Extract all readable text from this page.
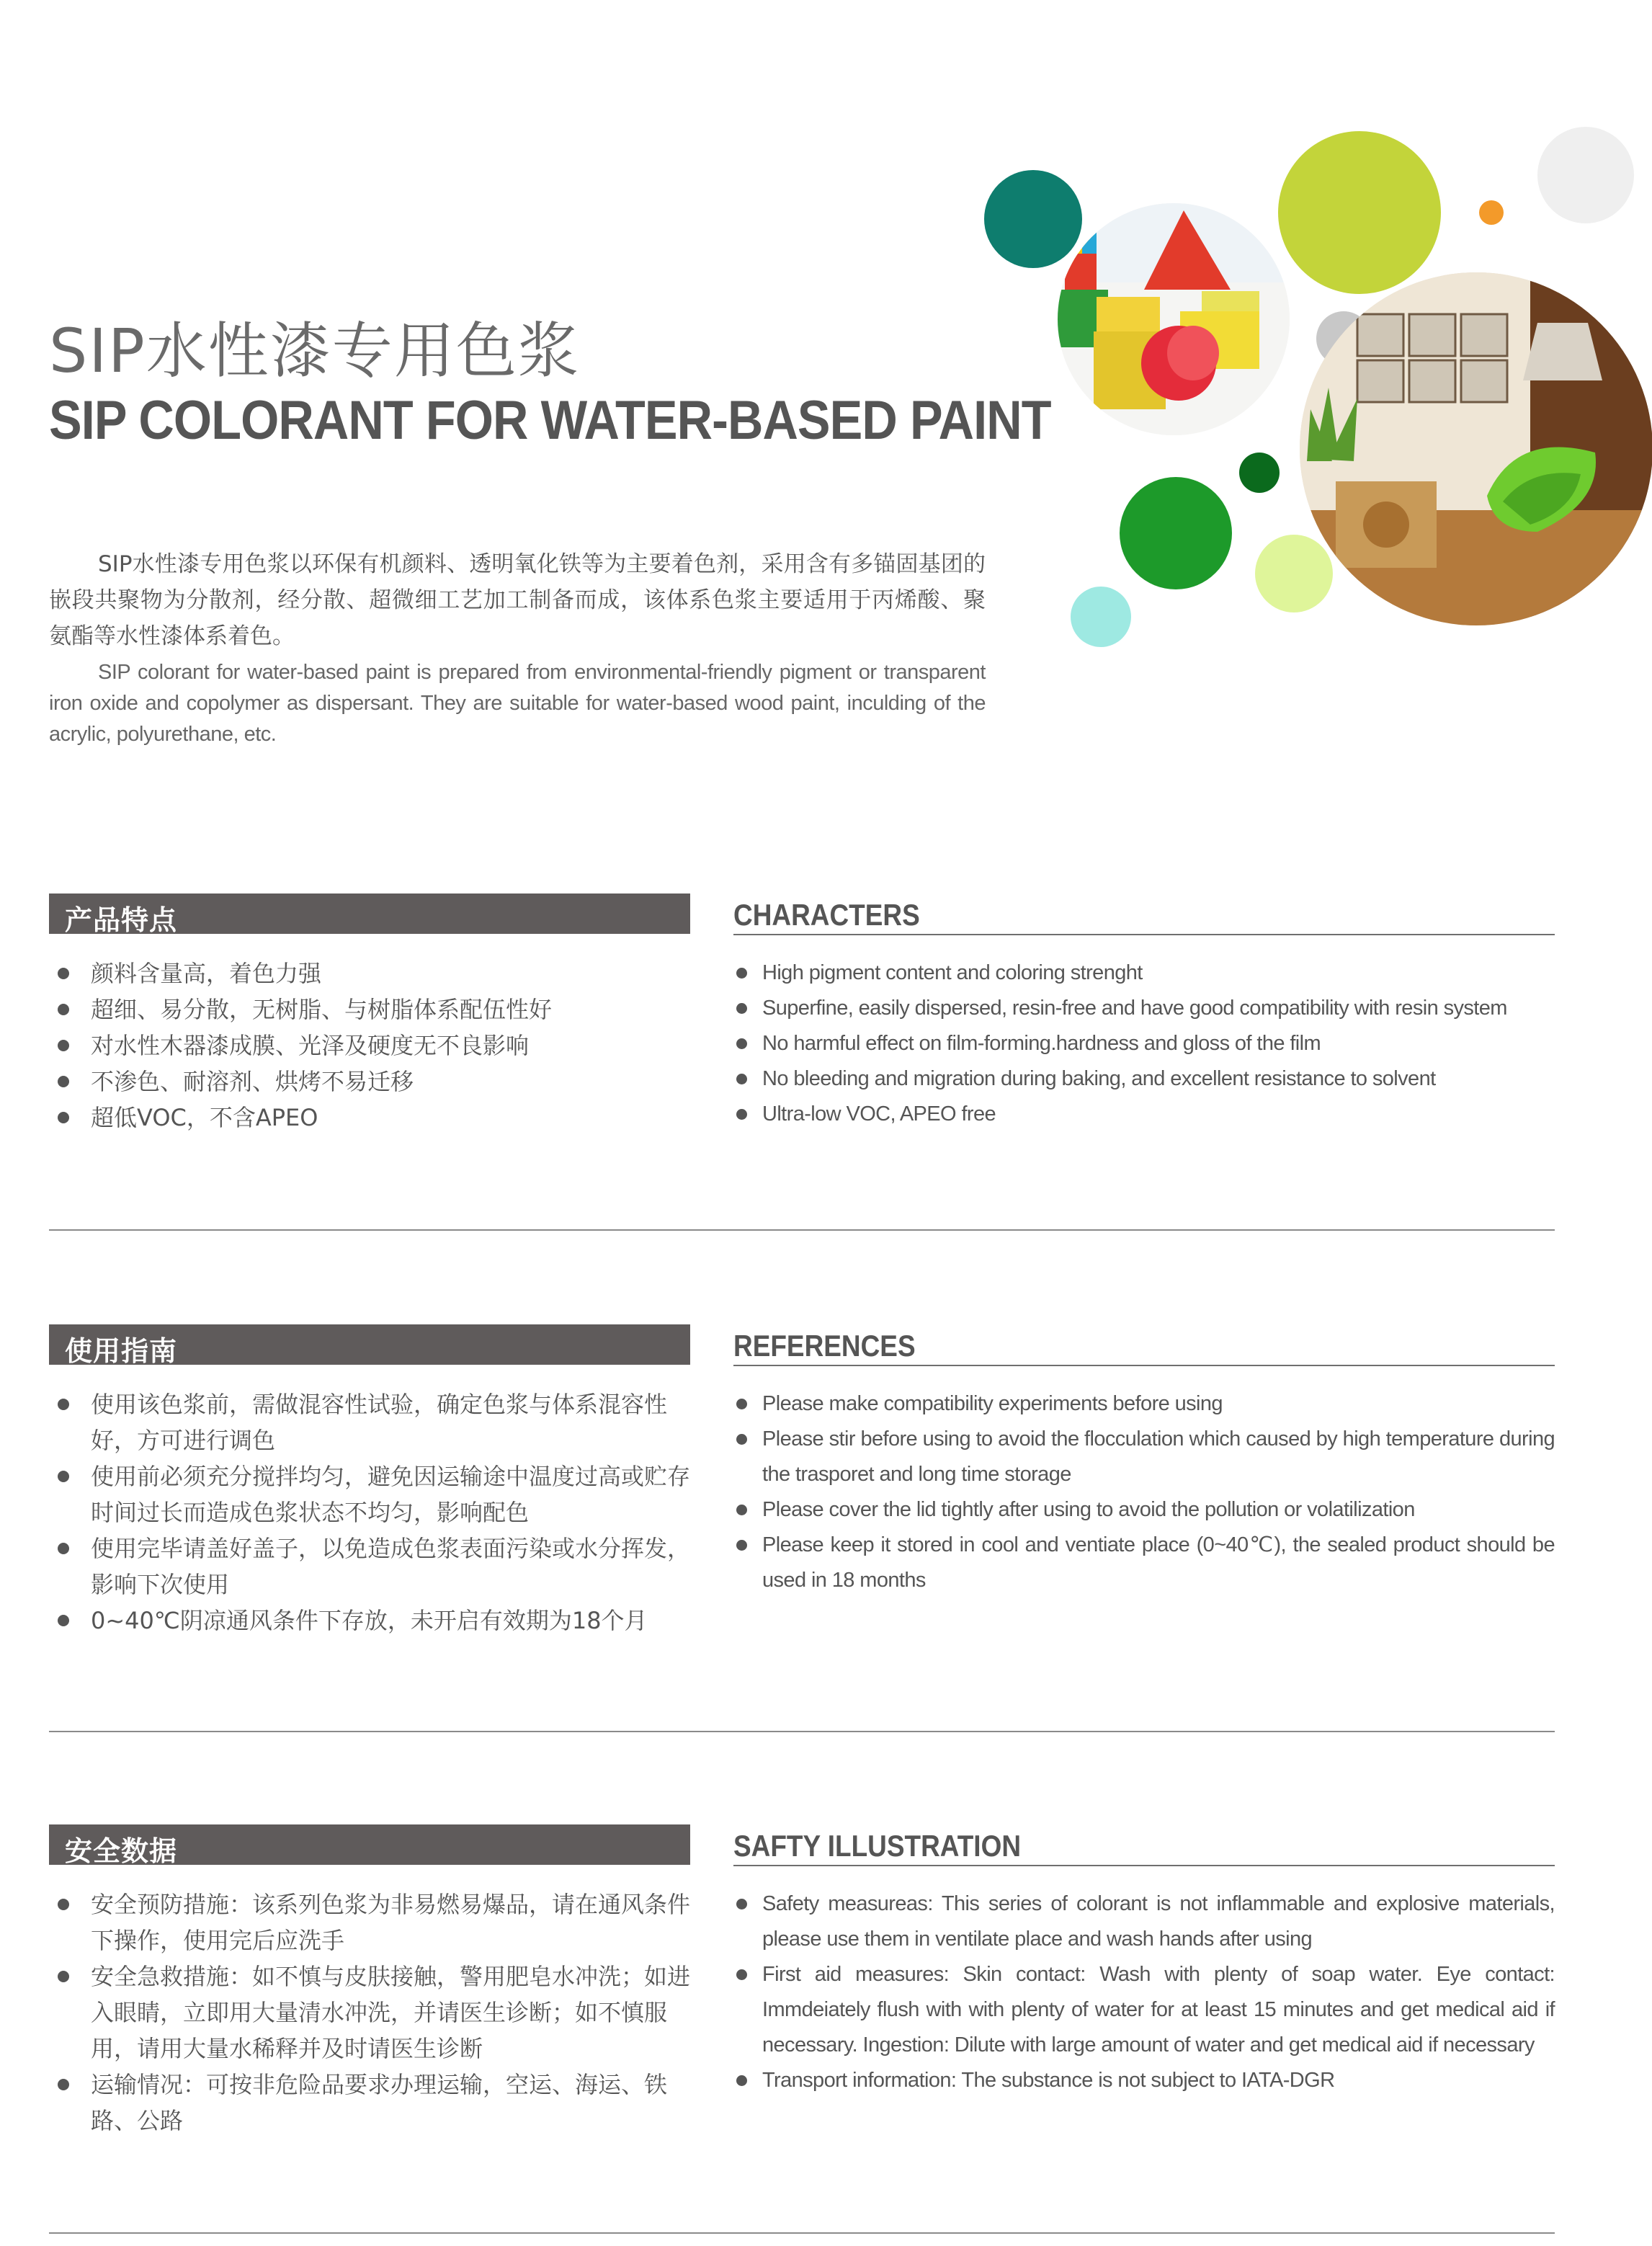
SIP水性漆专用色浆
SIP COLORANT FOR WATER-BASED PAINT

SIP水性漆专用色浆以环保有机颜料、透明氧化铁等为主要着色剂，采用含有多锚固基团的嵌段共聚物为分散剂，经分散、超微细工艺加工制备而成，该体系色浆主要适用于丙烯酸、聚氨酯等水性漆体系着色。

SIP colorant for water-based paint is prepared from environmental-friendly pigment or transparent iron oxide and copolymer as dispersant. They are suitable for water-based wood paint, inculding of the acrylic, polyurethane, etc.

产品特点	CHARACTERS
颜料含量高，着色力强
超细、易分散，无树脂、与树脂体系配伍性好
对水性木器漆成膜、光泽及硬度无不良影响
不渗色、耐溶剂、烘烤不易迁移
超低VOC，不含APEO
High pigment content and coloring strenght
Superfine, easily dispersed, resin-free and have good compatibility with resin system
No harmful effect on film-forming.hardness and gloss of the film
No bleeding and migration during baking, and excellent resistance to solvent
Ultra-low VOC, APEO free
使用指南	REFERENCES
使用该色浆前，需做混容性试验，确定色浆与体系混容性好，方可进行调色
使用前必须充分搅拌均匀，避免因运输途中温度过高或贮存时间过长而造成色浆状态不均匀，影响配色
使用完毕请盖好盖子，以免造成色浆表面污染或水分挥发，影响下次使用
0~40℃阴凉通风条件下存放，未开启有效期为18个月
Please make compatibility experiments before using
Please stir before using to avoid the flocculation which caused by high temperature during the trasporet and long time storage
Please cover the lid tightly after using to avoid the pollution or volatilization
Please keep it stored in cool and ventiate place (0~40℃), the sealed product should be used in 18 months
安全数据	SAFTY ILLUSTRATION
安全预防措施：该系列色浆为非易燃易爆品，请在通风条件下操作，使用完后应洗手
安全急救措施：如不慎与皮肤接触，警用肥皂水冲洗；如进入眼睛，立即用大量清水冲洗，并请医生诊断；如不慎服用，请用大量水稀释并及时请医生诊断
运输情况：可按非危险品要求办理运输，空运、海运、铁路、公路
Safety measureas: This series of colorant is not inflammable and explosive materials, please use them in ventilate place and wash hands after using
First aid measures: Skin contact: Wash with plenty of soap water. Eye contact: Immdeiately flush with with plenty of water for at least 15 minutes and get medical aid if necessary. Ingestion: Dilute with large amount of water and get medical aid if necessary
Transport information: The substance is not subject to IATA-DGR
